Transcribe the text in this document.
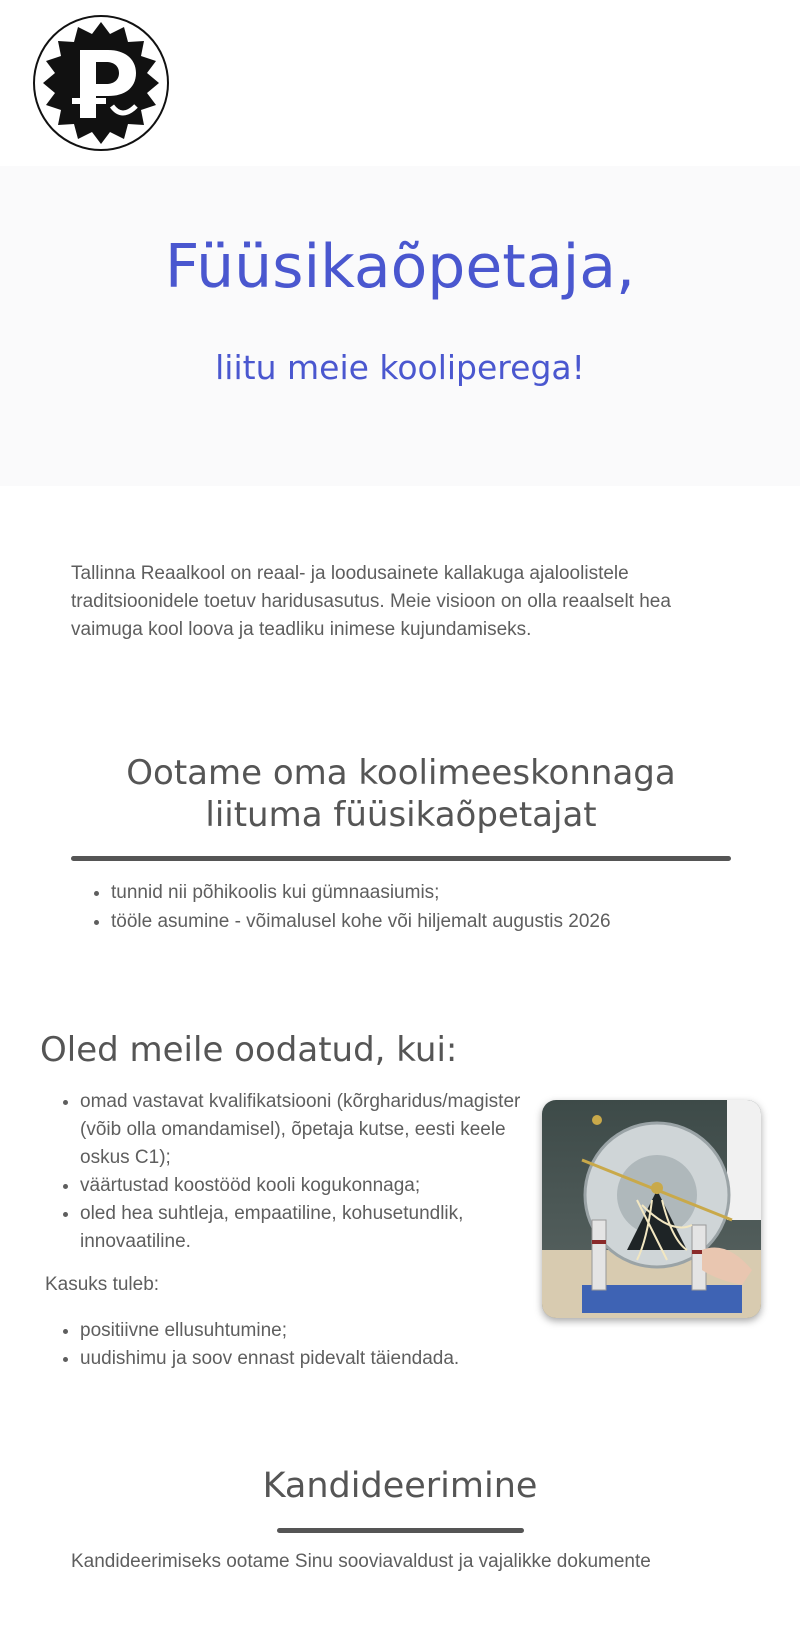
Füüsikaõpetaja,

liitu meie kooliperega!

Tallinna Reaalkool on reaal- ja loodusainete kallakuga ajaloolistele traditsioonidele toetuv haridusasutus. Meie visioon on olla reaalselt hea vaimuga kool loova ja teadliku inimese kujundamiseks.

Ootame oma koolimeeskonnaga liituma füüsikaõpetajat
• tunnid nii põhikoolis kui gümnaasiumis;
• tööle asumine - võimalusel kohe või hiljemalt augustis 2026
Oled meile oodatud, kui:
• omad vastavat kvalifikatsiooni (kõrgharidus/magister (võib olla omandamisel), õpetaja kutse, eesti keele oskus C1);
• väärtustad koostööd kooli kogukonnaga;
• oled hea suhtleja, empaatiline, kohusetundlik, innovaatiline.

Kasuks tuleb:

• positiivne ellusuhtumine;
• uudishimu ja soov ennast pidevalt täiendada.
Kandideerimine

Kandideerimiseks ootame Sinu sooviavaldust ja vajalikke dokumente
